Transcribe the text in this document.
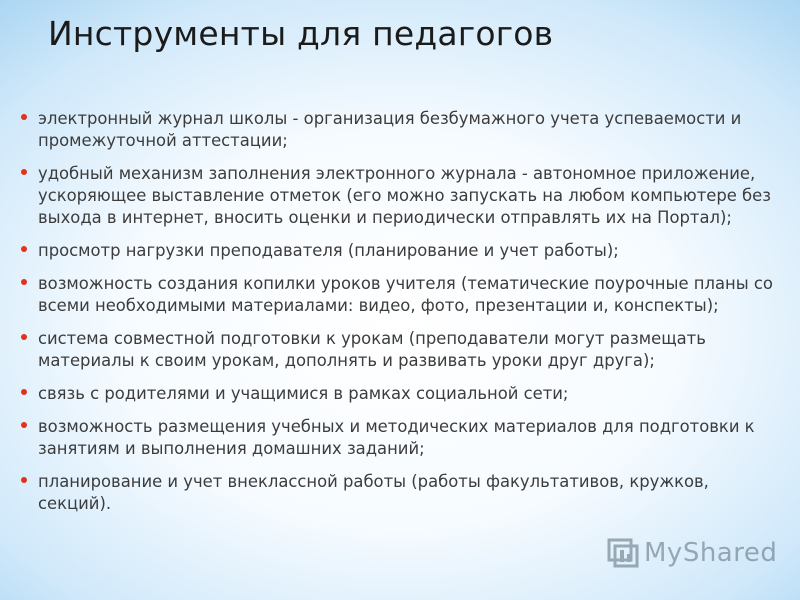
Инструменты для педагогов
электронный журнал школы - организация безбумажного учета успеваемости и промежуточной аттестации;
удобный механизм заполнения электронного журнала - автономное приложение, ускоряющее выставление отметок (его можно запускать на любом компьютере без выхода в интернет, вносить оценки и периодически отправлять их на Портал);
просмотр нагрузки преподавателя (планирование и учет работы);
возможность создания копилки уроков учителя (тематические поурочные планы со всеми необходимыми материалами: видео, фото, презентации и, конспекты);
система совместной подготовки к урокам (преподаватели могут размещать материалы к своим урокам, дополнять и развивать уроки друг друга);
связь с родителями и учащимися в рамках социальной сети;
возможность размещения учебных и методических материалов для подготовки к занятиям и выполнения домашних заданий;
планирование и учет внеклассной работы (работы факультативов, кружков, секций).
MyShared
